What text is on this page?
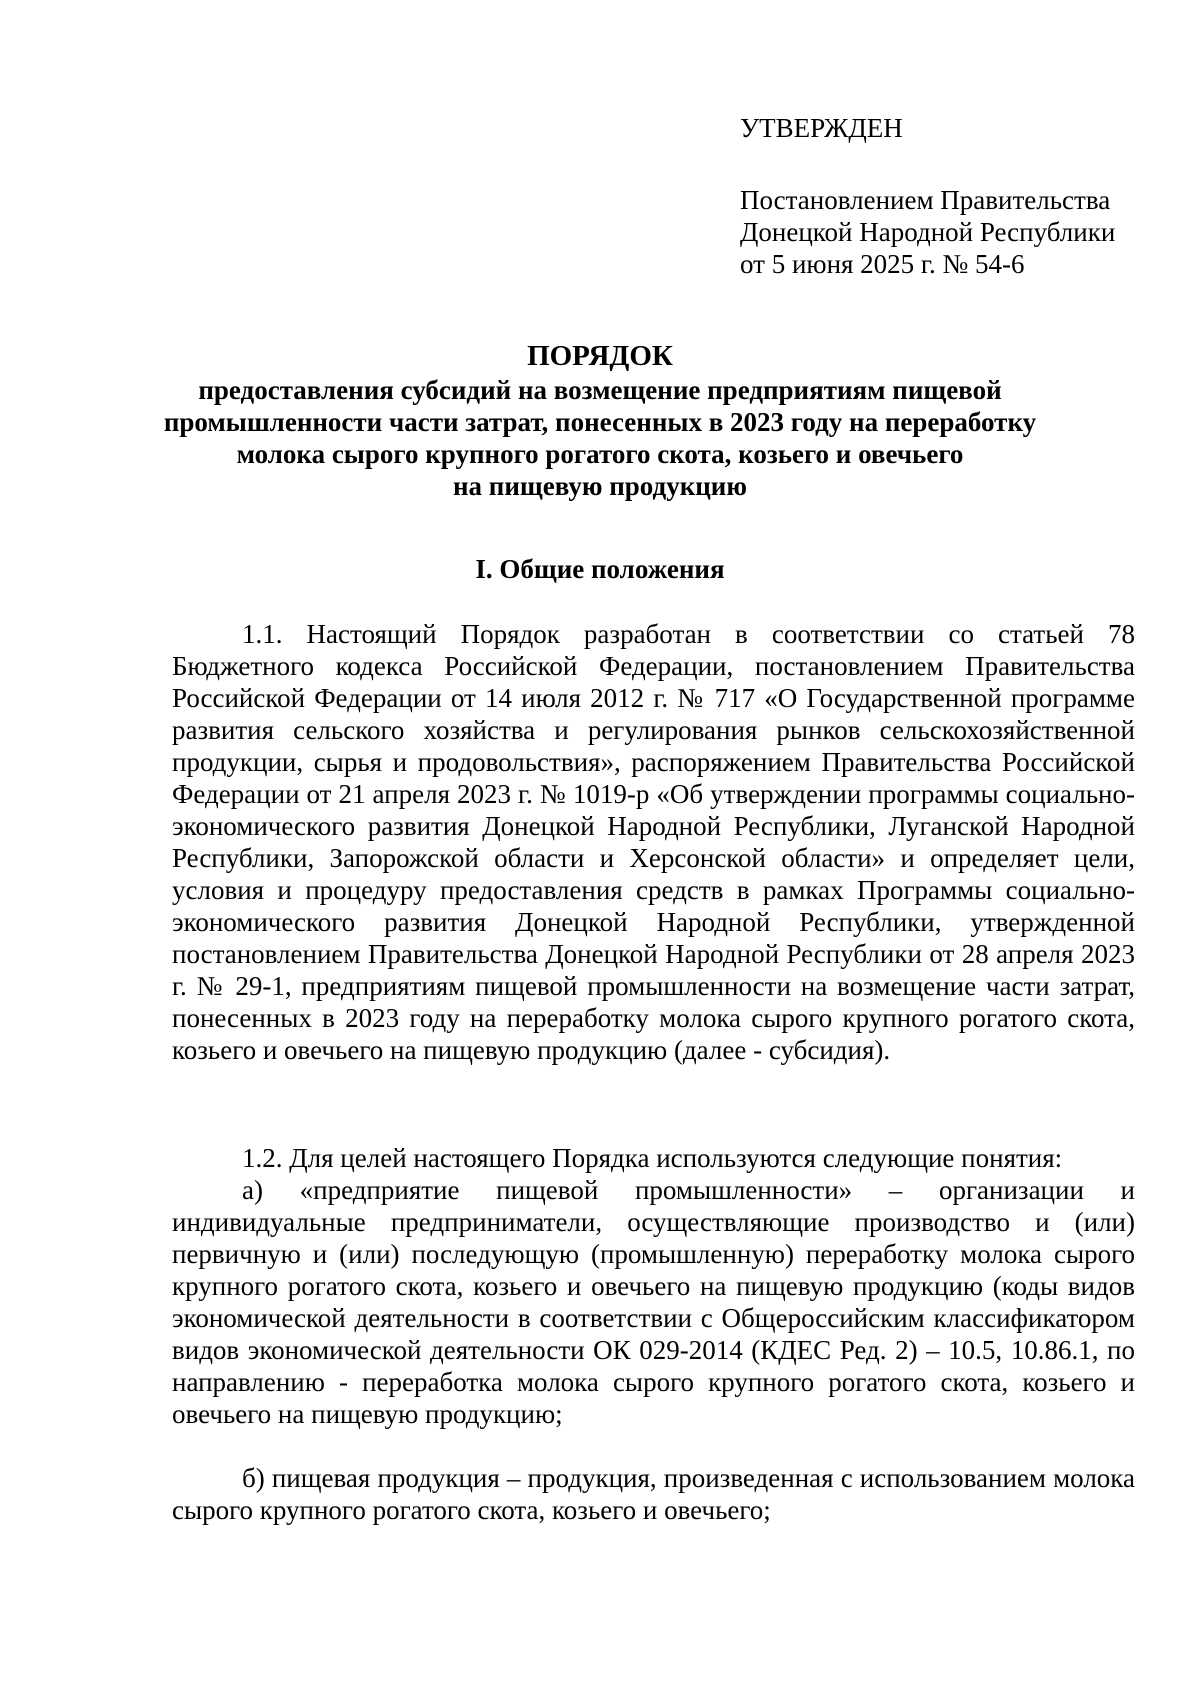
УТВЕРЖДЕН
Постановлением Правительства
Донецкой Народной Республики
от 5 июня 2025 г. № 54-6
ПОРЯДОК
предоставления субсидий на возмещение предприятиям пищевой
промышленности части затрат, понесенных в 2023 году на переработку
молока сырого крупного рогатого скота, козьего и овечьего
на пищевую продукцию
I. Общие положения

1.1. Настоящий Порядок разработан в соответствии со статьей 78 Бюджетного кодекса Российской Федерации, постановлением Правительства Российской Федерации от 14 июля 2012 г. № 717 «О Государственной программе развития сельского хозяйства и регулирования рынков сельскохозяйственной продукции, сырья и продовольствия», распоряжением Правительства Российской Федерации от 21 апреля 2023 г. № 1019-р «Об утверждении программы социально-экономического развития Донецкой Народной Республики, Луганской Народной Республики, Запорожской области и Херсонской области» и определяет цели, условия и процедуру предоставления средств в рамках Программы социально-экономического развития Донецкой Народной Республики, утвержденной постановлением Правительства Донецкой Народной Республики от 28 апреля 2023 г. № 29-1, предприятиям пищевой промышленности на возмещение части затрат, понесенных в 2023 году на переработку молока сырого крупного рогатого скота, козьего и овечьего на пищевую продукцию (далее - субсидия).

1.2. Для целей настоящего Порядка используются следующие понятия:

а) «предприятие пищевой промышленности» – организации и индивидуальные предприниматели, осуществляющие производство и (или) первичную и (или) последующую (промышленную) переработку молока сырого крупного рогатого скота, козьего и овечьего на пищевую продукцию (коды видов экономической деятельности в соответствии с Общероссийским классификатором видов экономической деятельности ОК 029-2014 (КДЕС Ред. 2) – 10.5, 10.86.1, по направлению - переработка молока сырого крупного рогатого скота, козьего и овечьего на пищевую продукцию;

б) пищевая продукция – продукция, произведенная с использованием молока сырого крупного рогатого скота, козьего и овечьего;
